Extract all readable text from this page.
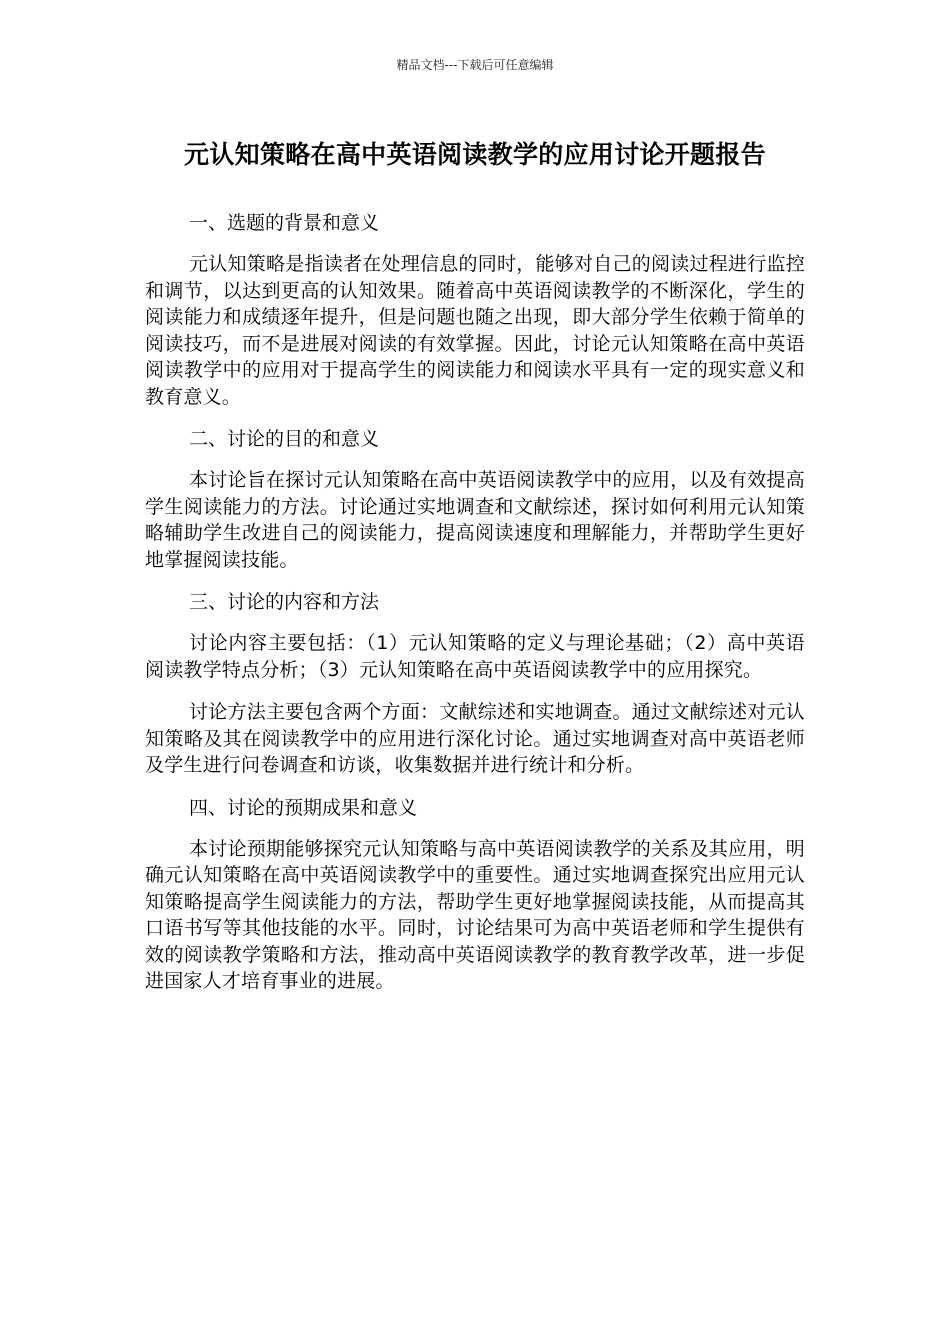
精品文档---下载后可任意编辑
元认知策略在高中英语阅读教学的应用讨论开题报告

一、选题的背景和意义

元认知策略是指读者在处理信息的同时，能够对自己的阅读过程进行监控和调节，以达到更高的认知效果。随着高中英语阅读教学的不断深化，学生的阅读能力和成绩逐年提升，但是问题也随之出现，即大部分学生依赖于简单的阅读技巧，而不是进展对阅读的有效掌握。因此，讨论元认知策略在高中英语阅读教学中的应用对于提高学生的阅读能力和阅读水平具有一定的现实意义和教育意义。

二、讨论的目的和意义

本讨论旨在探讨元认知策略在高中英语阅读教学中的应用，以及有效提高学生阅读能力的方法。讨论通过实地调查和文献综述，探讨如何利用元认知策略辅助学生改进自己的阅读能力，提高阅读速度和理解能力，并帮助学生更好地掌握阅读技能。

三、讨论的内容和方法

讨论内容主要包括：（1）元认知策略的定义与理论基础；（2）高中英语阅读教学特点分析；（3）元认知策略在高中英语阅读教学中的应用探究。

讨论方法主要包含两个方面：文献综述和实地调查。通过文献综述对元认知策略及其在阅读教学中的应用进行深化讨论。通过实地调查对高中英语老师及学生进行问卷调查和访谈，收集数据并进行统计和分析。

四、讨论的预期成果和意义

本讨论预期能够探究元认知策略与高中英语阅读教学的关系及其应用，明确元认知策略在高中英语阅读教学中的重要性。通过实地调查探究出应用元认知策略提高学生阅读能力的方法，帮助学生更好地掌握阅读技能，从而提高其口语书写等其他技能的水平。同时，讨论结果可为高中英语老师和学生提供有效的阅读教学策略和方法，推动高中英语阅读教学的教育教学改革，进一步促进国家人才培育事业的进展。
